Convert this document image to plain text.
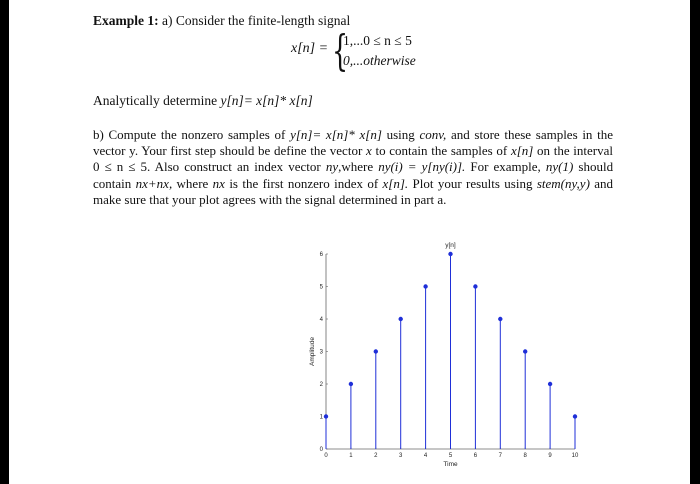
Example 1: a) Consider the finite-length signal
x[n] = {
1,...0 ≤ n ≤ 5
0,...otherwise
Analytically determine y[n]= x[n]* x[n]
b) Compute the nonzero samples of y[n]= x[n]* x[n] using conv, and store these samples in the vector y. Your first step should be define the vector x to contain the samples of x[n] on the interval 0 ≤ n ≤ 5. Also construct an index vector ny,where ny(i) = y[ny(i)]. For example, ny(1) should contain nx+nx, where nx is the first nonzero index of x[n]. Plot your results using stem(ny,y) and make sure that your plot agrees with the signal determined in part a.
0	1	2	3	4	5	6	7	8	9	10
0
1
2
3
4
5
6
y[n]
Time
Amplitude
